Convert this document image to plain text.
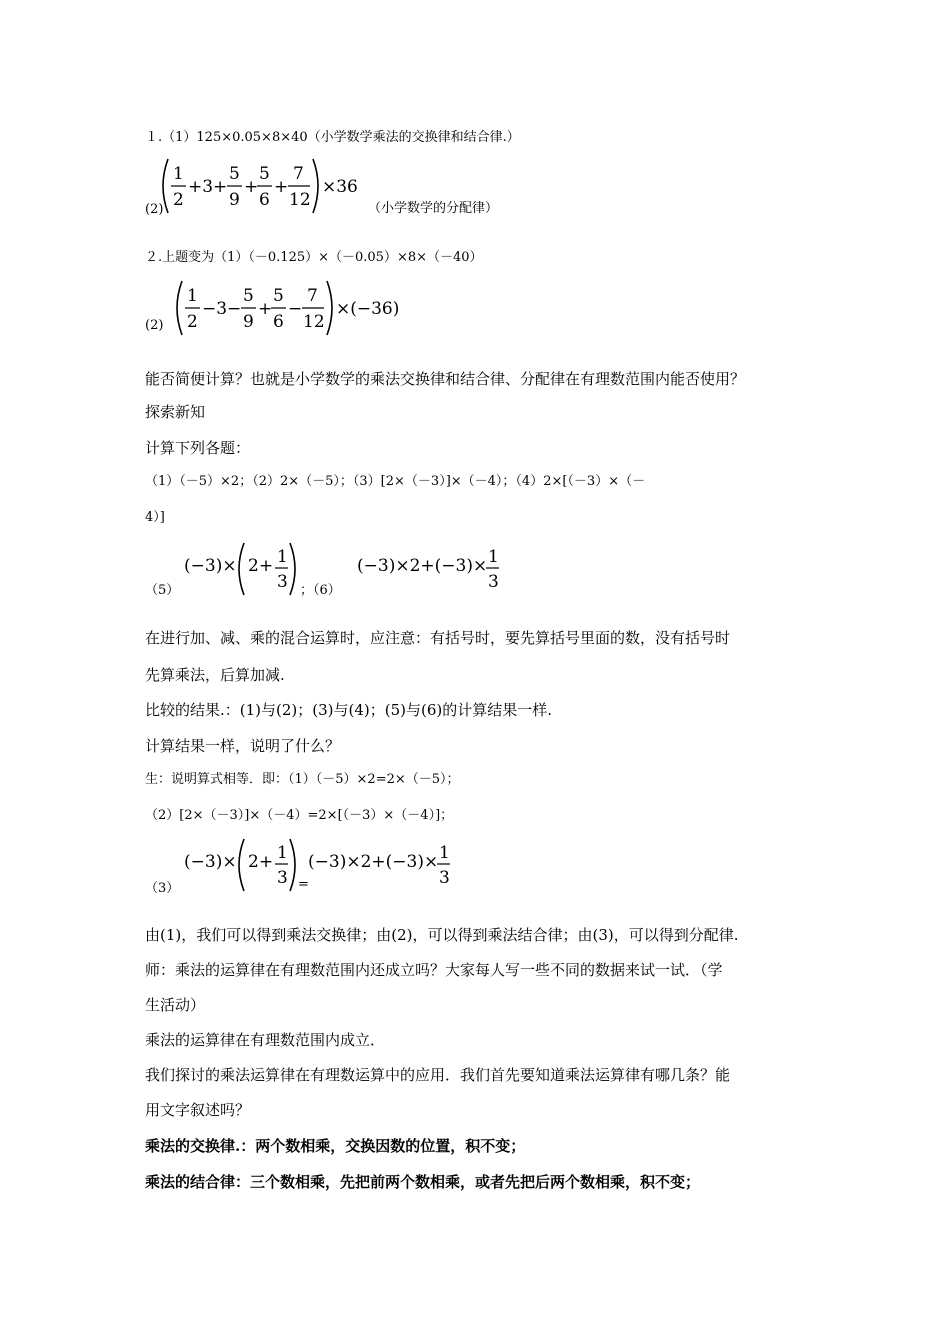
１.（1）125×0.05×8×40（小学数学乘法的交换律和结合律.）
(2)
1
2
+3+
5
9
+
5
6
+
7
12
×36
（小学数学的分配律）
２.上题变为（1）（－0.125）×（－0.05）×8×（－40）
(2)
1
2
−3−
5
9
+
5
6
−
7
12
×(−36)
能否简便计算？也就是小学数学的乘法交换律和结合律、分配律在有理数范围内能否使用？
探索新知
计算下列各题：
（1）（－5）×2；（2）2×（－5）；（3）[2×（－3）]×（－4）；（4）2×[（－3）×（－
4）]
（5）
(−3)× 2+ 1
3 ；（6）
(−3)×2+(−3)× 1
3
在进行加、减、乘的混合运算时，应注意：有括号时，要先算括号里面的数，没有括号时
先算乘法，后算加减.
比较的结果.：(1)与(2)；(3)与(4)；(5)与(6)的计算结果一样.
计算结果一样，说明了什么？
生：说明算式相等．即：（1）（－5）×2=2×（－5）；
（2）[2×（－3）]×（－4）=2×[（－3）×（－4）]；
（3）
(−3)× 2+ 1
3 =
(−3)×2+(−3)× 1
3
由(1)，我们可以得到乘法交换律；由(2)，可以得到乘法结合律；由(3)，可以得到分配律.
师：乘法的运算律在有理数范围内还成立吗？大家每人写一些不同的数据来试一试．（学
生活动）
乘法的运算律在有理数范围内成立．
我们探讨的乘法运算律在有理数运算中的应用．我们首先要知道乘法运算律有哪几条？能
用文字叙述吗？
乘法的交换律.：两个数相乘，交换因数的位置，积不变；
乘法的结合律：三个数相乘，先把前两个数相乘，或者先把后两个数相乘，积不变；
